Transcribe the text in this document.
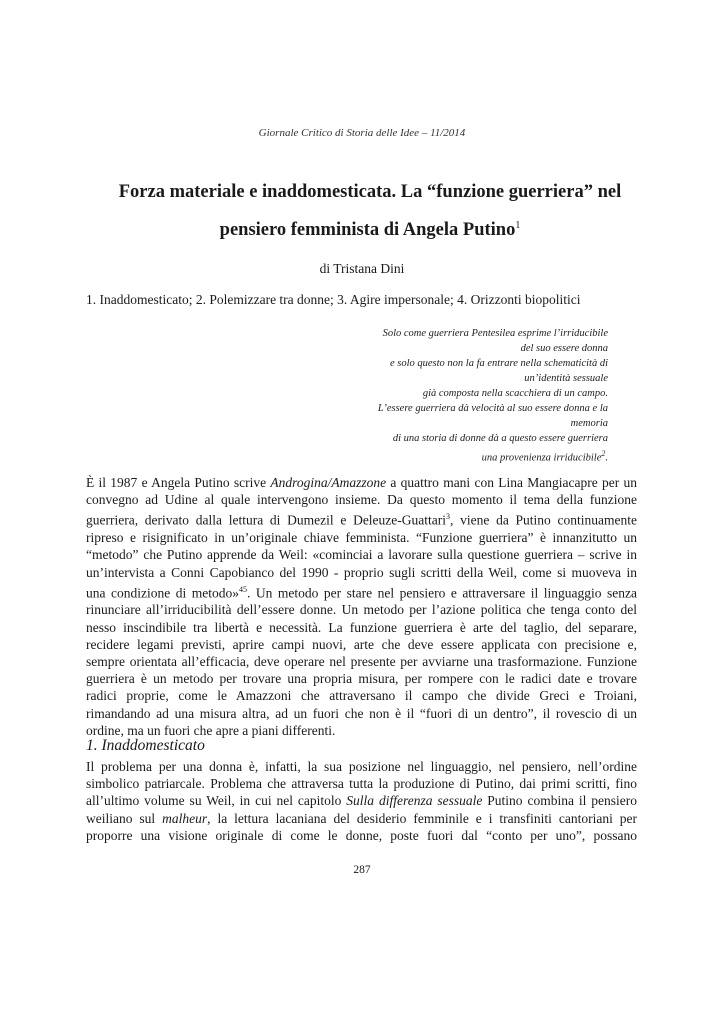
Giornale Critico di Storia delle Idee – 11/2014
Forza materiale e inaddomesticata. La “funzione guerriera” nel
pensiero femminista di Angela Putino$^1$
di Tristana Dini
1. Inaddomesticato; 2. Polemizzare tra donne; 3. Agire impersonale; 4. Orizzonti biopolitici
Solo come guerriera Pentesilea esprime l’irriducibile
del suo essere donna
e solo questo non la fa entrare nella schematicità di
un’identità sessuale
già composta nella scacchiera di un campo.
L’essere guerriera dà velocità al suo essere donna e la
memoria
di una storia di donne dà a questo essere guerriera
una provenienza irriducibile$^2$.
È il 1987 e Angela Putino scrive Androgina/Amazzone a quattro mani con Lina Mangiacapre per un
convegno ad Udine al quale intervengono insieme. Da questo momento il tema della funzione
guerriera, derivato dalla lettura di Dumezil e Deleuze-Guattari$^3$, viene da Putino continuamente
ripreso e risignificato in un’originale chiave femminista. “Funzione guerriera” è innanzitutto un
“metodo” che Putino apprende da Weil: «cominciai a lavorare sulla questione guerriera – scrive in
un’intervista a Conni Capobianco del 1990 - proprio sugli scritti della Weil, come si muoveva in
una condizione di metodo»$^{45}$. Un metodo per stare nel pensiero e attraversare il linguaggio senza
rinunciare all’irriducibilità dell’essere donne. Un metodo per l’azione politica che tenga conto del
nesso inscindibile tra libertà e necessità. La funzione guerriera è arte del taglio, del separare,
recidere legami previsti, aprire campi nuovi, arte che deve essere applicata con precisione e,
sempre orientata all’efficacia, deve operare nel presente per avviarne una trasformazione. Funzione
guerriera è un metodo per trovare una propria misura, per rompere con le radici date e trovare
radici proprie, come le Amazzoni che attraversano il campo che divide Greci e Troiani,
rimandando ad una misura altra, ad un fuori che non è il “fuori di un dentro”, il rovescio di un
ordine, ma un fuori che apre a piani differenti.
1. Inaddomesticato
Il problema per una donna è, infatti, la sua posizione nel linguaggio, nel pensiero, nell’ordine
simbolico patriarcale. Problema che attraversa tutta la produzione di Putino, dai primi scritti, fino
all’ultimo volume su Weil, in cui nel capitolo Sulla differenza sessuale Putino combina il pensiero
weiliano sul malheur, la lettura lacaniana del desiderio femminile e i transfiniti cantoriani per
proporre una visione originale di come le donne, poste fuori dal “conto per uno”, possano
287
